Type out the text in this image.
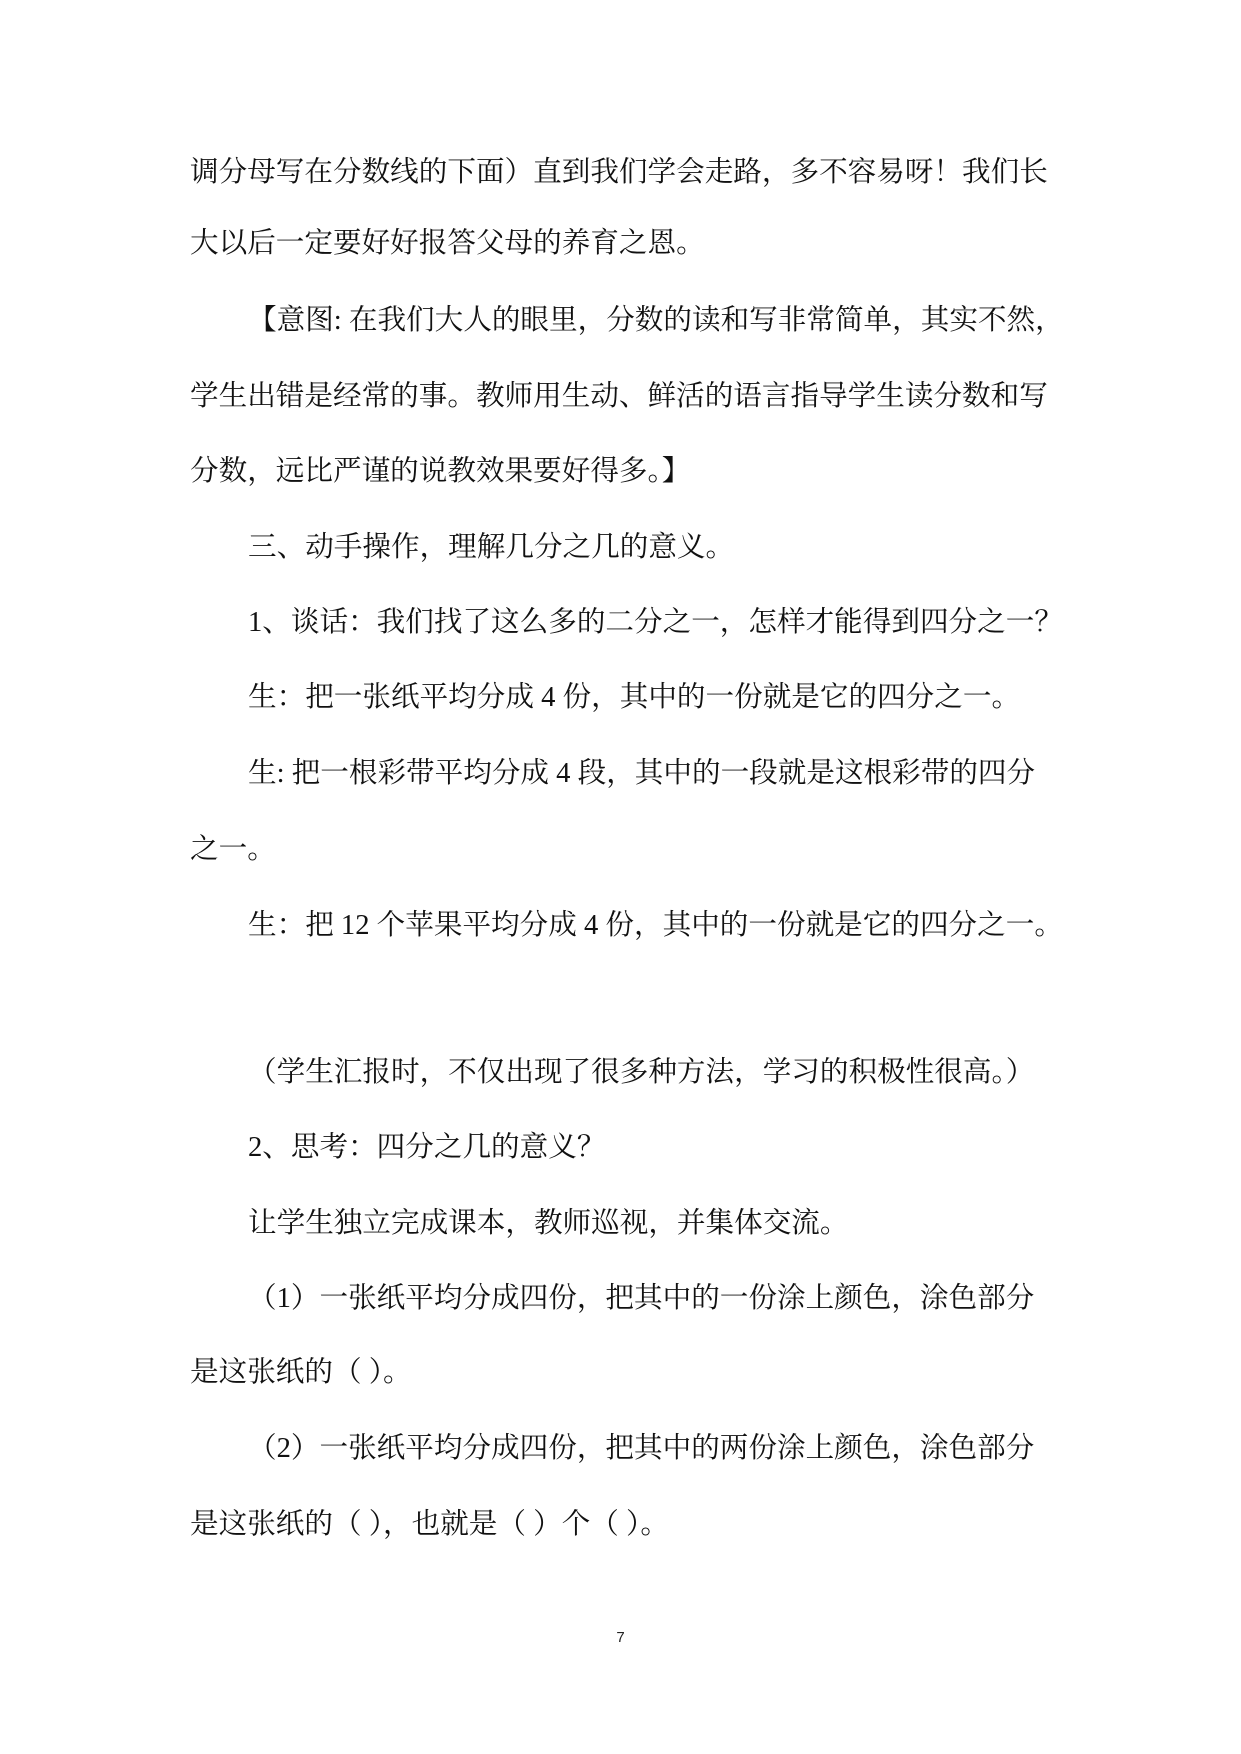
调分母写在分数线的下面）直到我们学会走路，多不容易呀！我们长
大以后一定要好好报答父母的养育之恩。
【意图: 在我们大人的眼里，分数的读和写非常简单，其实不然，
学生出错是经常的事。教师用生动、鲜活的语言指导学生读分数和写
分数，远比严谨的说教效果要好得多。】
三、动手操作，理解几分之几的意义。
1、谈话：我们找了这么多的二分之一，怎样才能得到四分之一？
生：把一张纸平均分成 4 份，其中的一份就是它的四分之一。
生: 把一根彩带平均分成 4 段，其中的一段就是这根彩带的四分
之一。
生：把 12 个苹果平均分成 4 份，其中的一份就是它的四分之一。
（学生汇报时，不仅出现了很多种方法，学习的积极性很高。）
2、思考：四分之几的意义？
让学生独立完成课本，教师巡视，并集体交流。
（1）一张纸平均分成四份，把其中的一份涂上颜色，涂色部分
是这张纸的（ ）。
（2）一张纸平均分成四份，把其中的两份涂上颜色，涂色部分
是这张纸的（ ），也就是（ ）个（ ）。
7
